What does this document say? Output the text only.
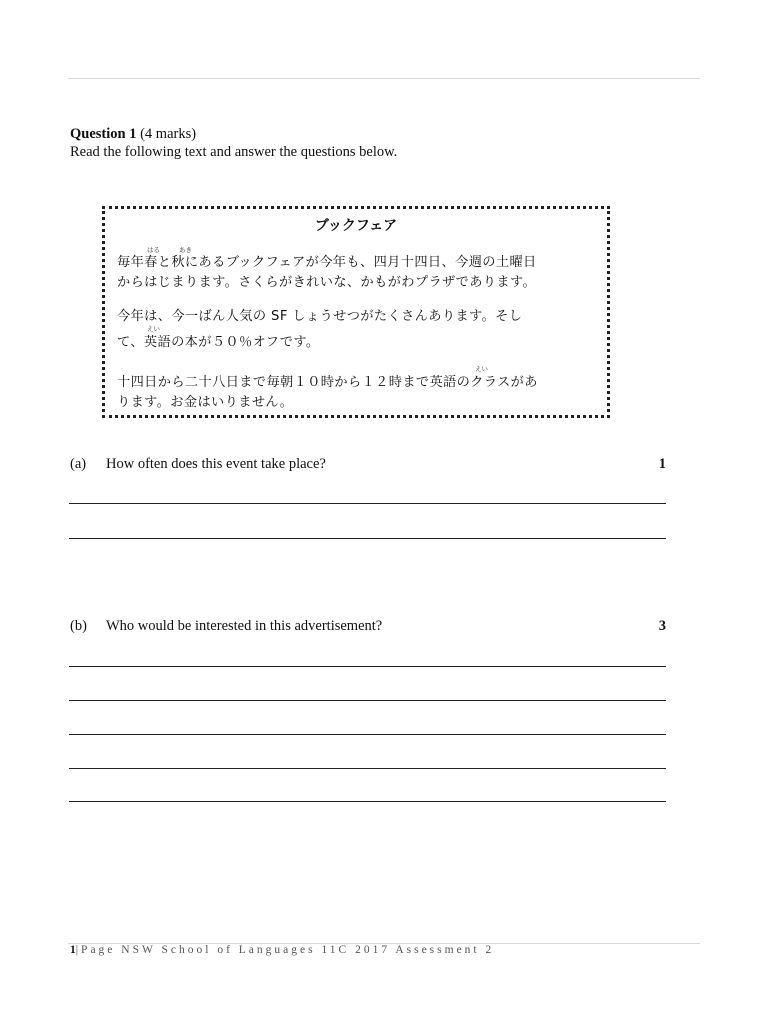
Question 1 (4 marks)
Read the following text and answer the questions below.
ブックフェア
はる	あき
毎年春と秋にあるブックフェアが今年も、四月十四日、今週の土曜日
からはじまります。さくらがきれいな、かもがわプラザであります。
今年は、今一ばん人気の SF しょうせつがたくさんあります。そし
えい
て、英語の本が５０％オフです。
えい
十四日から二十八日まで毎朝１０時から１２時まで英語のクラスがあ
ります。お金はいりません。
(a) How often does this event take place?	1
(b) Who would be interested in this advertisement?	3
1|Page NSW School of Languages 11C 2017 Assessment 2
